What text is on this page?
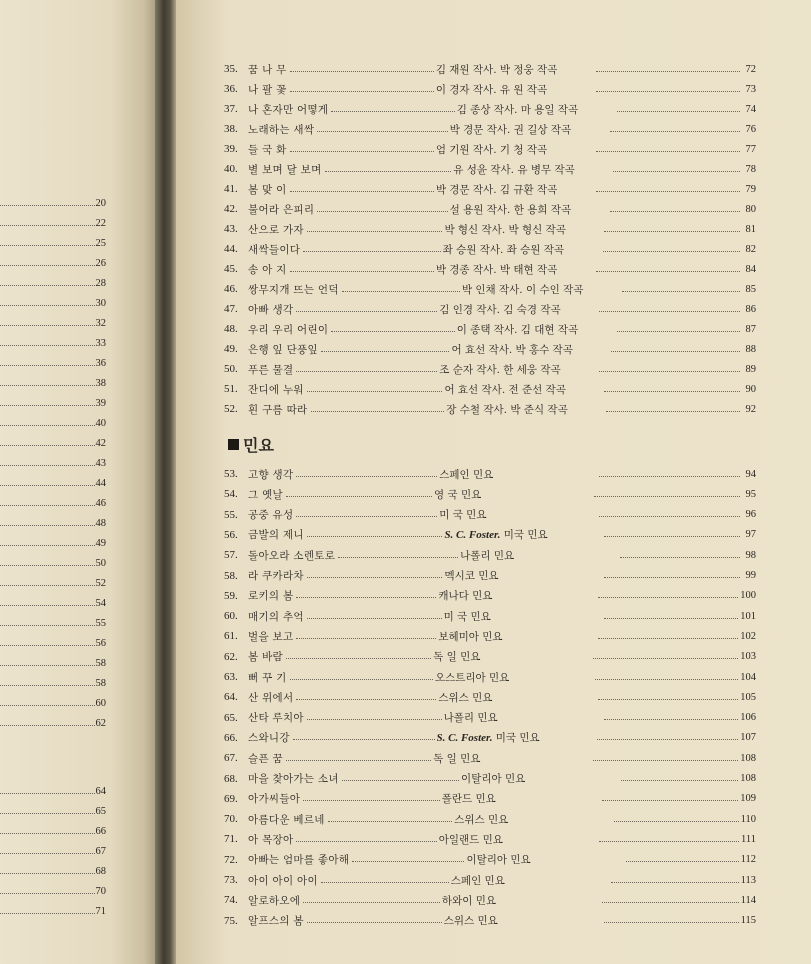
20
22
25
26
28
30
32
33
36
38
39
40
42
43
44
46
48
49
50
52
54
55
56
58
58
60
62
64
65
66
67
68
70
71
민요
35. 꿈 나 무	김 재원 작사. 박 정웅 작곡	72
36. 나 팔 꽃	이 경자 작사. 유 원 작곡	73
37. 나 혼자만 어떻게	김 종상 작사. 마 용일 작곡	74
38. 노래하는 새싹	박 경문 작사. 권 길상 작곡	76
39. 들 국 화	엄 기원 작사. 기 청 작곡	77
40. 별 보며 달 보며	유 성윤 작사. 유 병무 작곡	78
41. 봄 맞 이	박 경문 작사. 김 규환 작곡	79
42. 불어라 은피리	설 용원 작사. 한 용희 작곡	80
43. 산으로 가자	박 형신 작사. 박 형신 작곡	81
44. 새싹들이다	좌 승원 작사. 좌 승원 작곡	82
45. 송 아 지	박 경종 작사. 박 태현 작곡	84
46. 쌍무지개 뜨는 언덕	박 인채 작사. 이 수인 작곡	85
47. 아빠 생각	김 인경 작사. 김 숙경 작곡	86
48. 우리 우리 어린이	이 종택 작사. 김 대현 작곡	87
49. 은행 잎 단풍잎	어 효선 작사. 박 홍수 작곡	88
50. 푸른 물결	조 순자 작사. 한 세웅 작곡	89
51. 잔디에 누워	어 효선 작사. 전 준선 작곡	90
52. 흰 구름 따라	장 수철 작사. 박 준식 작곡	92
53. 고향 생각	스페인 민요	94
54. 그 옛날	영 국 민요	95
55. 공중 유성	미 국 민요	96
56. 금발의 제니	S. C. Foster. 미국 민요	97
57. 돌아오라 소렌토로	나폴리 민요	98
58. 라 쿠카라차	멕시코 민요	99
59. 로키의 봄	캐나다 민요	100
60. 매기의 추억	미 국 민요	101
61. 벌을 보고	보헤미아 민요	102
62. 봄 바람	독 일 민요	103
63. 뻐 꾸 기	오스트리아 민요	104
64. 산 위에서	스위스 민요	105
65. 산타 루치아	나폴리 민요	106
66. 스와니강	S. C. Foster. 미국 민요	107
67. 슬픈 꿈	독 일 민요	108
68. 마을 찾아가는 소녀	이탈리아 민요	108
69. 아가씨들아	폴란드 민요	109
70. 아름다운 베르네	스위스 민요	110
71. 아 목장아	아일랜드 민요	111
72. 아빠는 엄마를 좋아해	이탈리아 민요	112
73. 아이 아이 아이	스페인 민요	113
74. 알로하오에	하와이 민요	114
75. 알프스의 봄	스위스 민요	115
